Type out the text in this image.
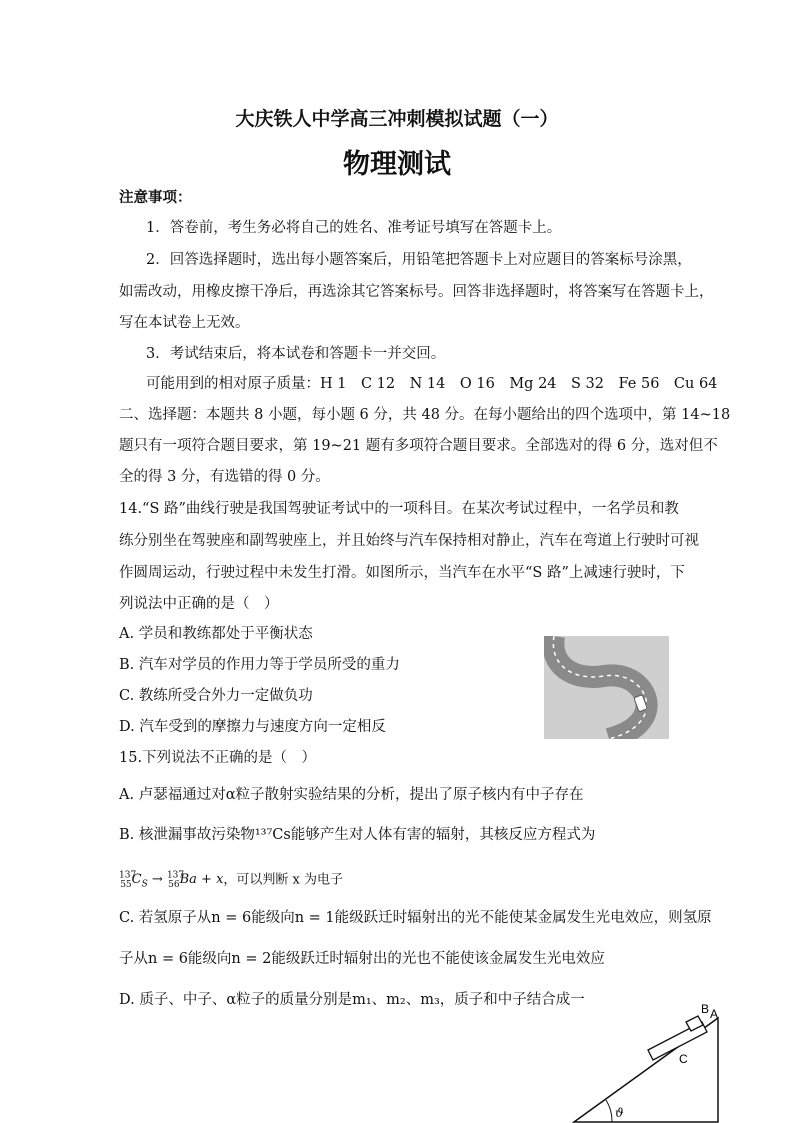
大庆铁人中学高三冲刺模拟试题（一）
物理测试
注意事项：
1．答卷前，考生务必将自己的姓名、准考证号填写在答题卡上。
2．回答选择题时，选出每小题答案后，用铅笔把答题卡上对应题目的答案标号涂黑，
如需改动，用橡皮擦干净后，再选涂其它答案标号。回答非选择题时，将答案写在答题卡上，
写在本试卷上无效。
3．考试结束后，将本试卷和答题卡一并交回。
可能用到的相对原子质量：H 1　C 12　N 14　O 16　Mg 24　S 32　Fe 56　Cu 64
二、选择题：本题共 8 小题，每小题 6 分，共 48 分。在每小题给出的四个选项中，第 14~18
题只有一项符合题目要求，第 19~21 题有多项符合题目要求。全部选对的得 6 分，选对但不
全的得 3 分，有选错的得 0 分。
14.“S 路”曲线行驶是我国驾驶证考试中的一项科目。在某次考试过程中，一名学员和教
练分别坐在驾驶座和副驾驶座上，并且始终与汽车保持相对静止，汽车在弯道上行驶时可视
作圆周运动，行驶过程中未发生打滑。如图所示，当汽车在水平“S 路”上减速行驶时，下
列说法中正确的是（　）
A. 学员和教练都处于平衡状态
B. 汽车对学员的作用力等于学员所受的重力
C. 教练所受合外力一定做负功
D. 汽车受到的摩擦力与速度方向一定相反
15.下列说法不正确的是（　）
A. 卢瑟福通过对α粒子散射实验结果的分析，提出了原子核内有中子存在
B. 核泄漏事故污染物¹³⁷Cs能够产生对人体有害的辐射，其核反应方程式为
$^{137}_{55}C_S \to ^{137}_{56}Ba + x$，可以判断 x 为电子
C. 若氢原子从n = 6能级向n = 1能级跃迁时辐射出的光不能使某金属发生光电效应，则氢原
子从n = 6能级向n = 2能级跃迁时辐射出的光也不能使该金属发生光电效应
D. 质子、中子、α粒子的质量分别是m₁、m₂、m₃，质子和中子结合成一
B A
C
ϑ
